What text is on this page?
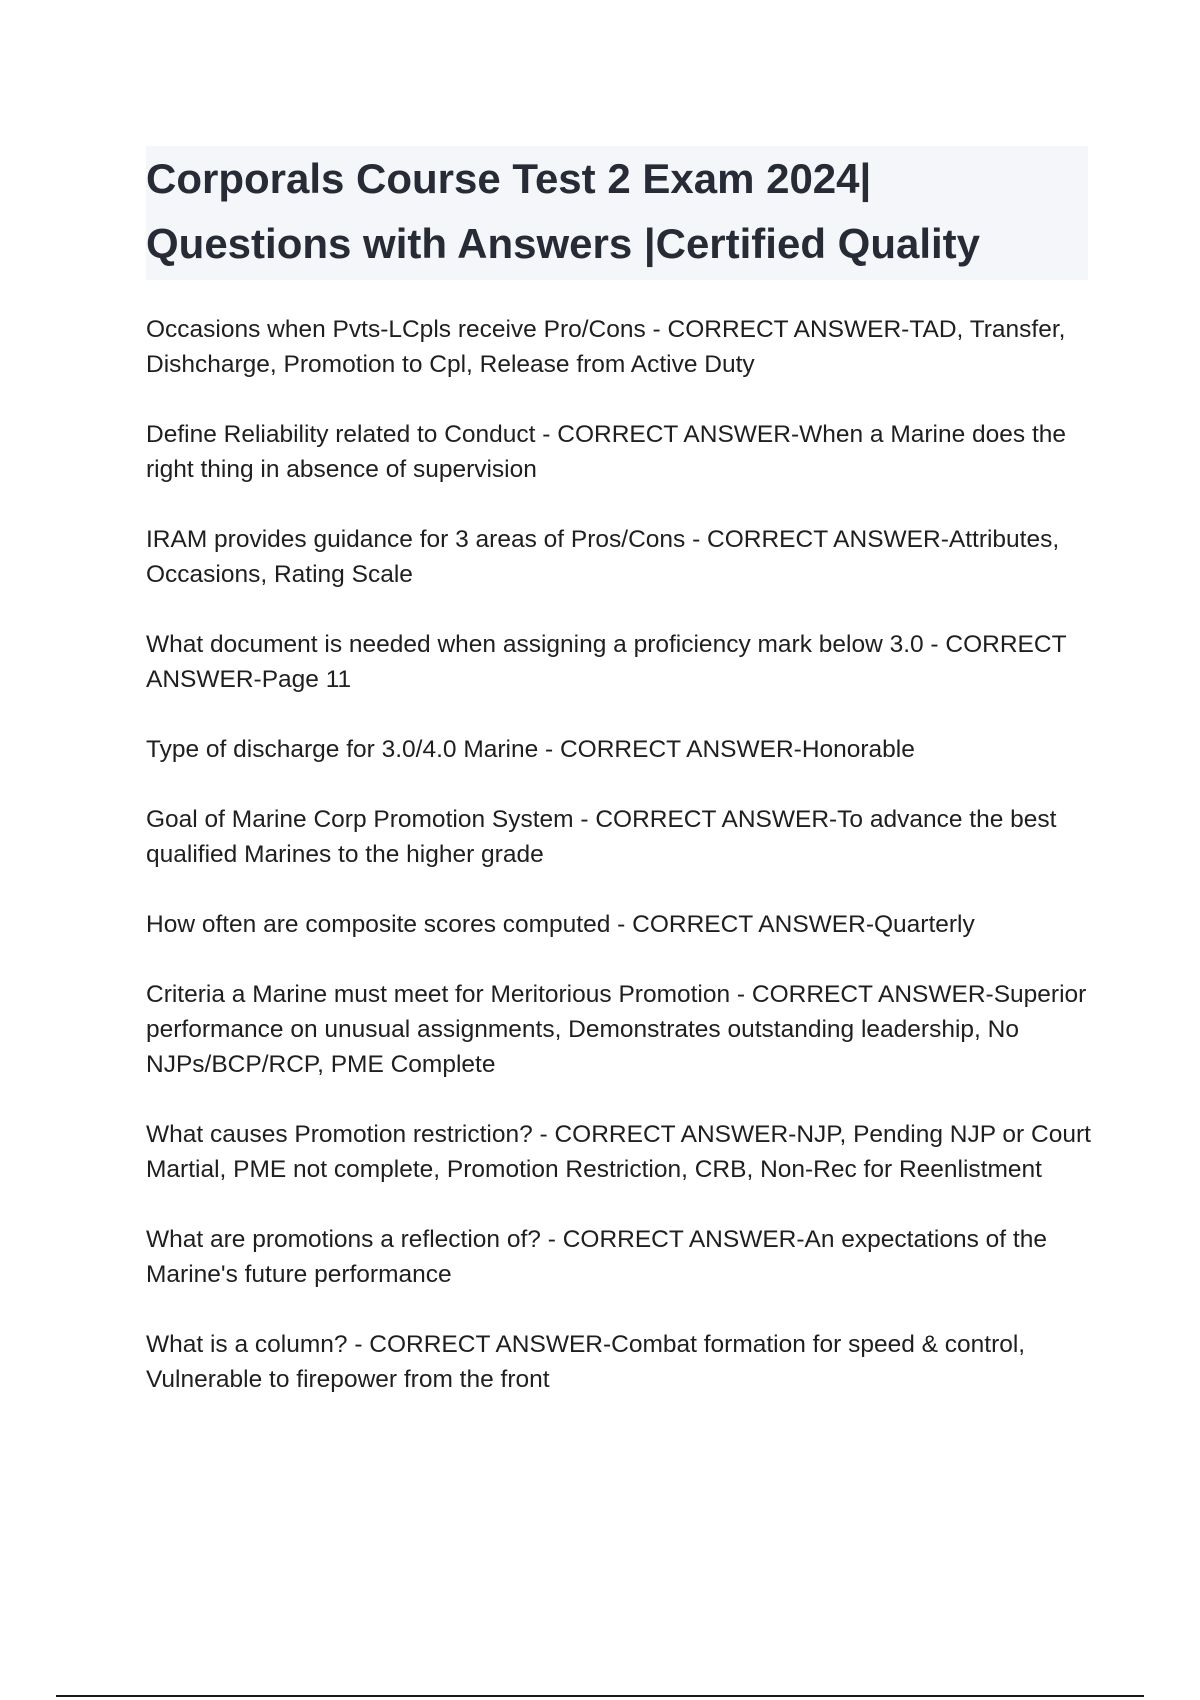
Corporals Course Test 2 Exam 2024|
Questions with Answers |Certified Quality

Occasions when Pvts-LCpls receive Pro/Cons - CORRECT ANSWER-TAD, Transfer, Dishcharge, Promotion to Cpl, Release from Active Duty

Define Reliability related to Conduct - CORRECT ANSWER-When a Marine does the right thing in absence of supervision

IRAM provides guidance for 3 areas of Pros/Cons - CORRECT ANSWER-Attributes, Occasions, Rating Scale

What document is needed when assigning a proficiency mark below 3.0 - CORRECT ANSWER-Page 11

Type of discharge for 3.0/4.0 Marine - CORRECT ANSWER-Honorable

Goal of Marine Corp Promotion System - CORRECT ANSWER-To advance the best qualified Marines to the higher grade

How often are composite scores computed - CORRECT ANSWER-Quarterly

Criteria a Marine must meet for Meritorious Promotion - CORRECT ANSWER-Superior performance on unusual assignments, Demonstrates outstanding leadership, No NJPs/BCP/RCP, PME Complete

What causes Promotion restriction? - CORRECT ANSWER-NJP, Pending NJP or Court Martial, PME not complete, Promotion Restriction, CRB, Non-Rec for Reenlistment

What are promotions a reflection of? - CORRECT ANSWER-An expectations of the Marine's future performance

What is a column? - CORRECT ANSWER-Combat formation for speed & control, Vulnerable to firepower from the front
